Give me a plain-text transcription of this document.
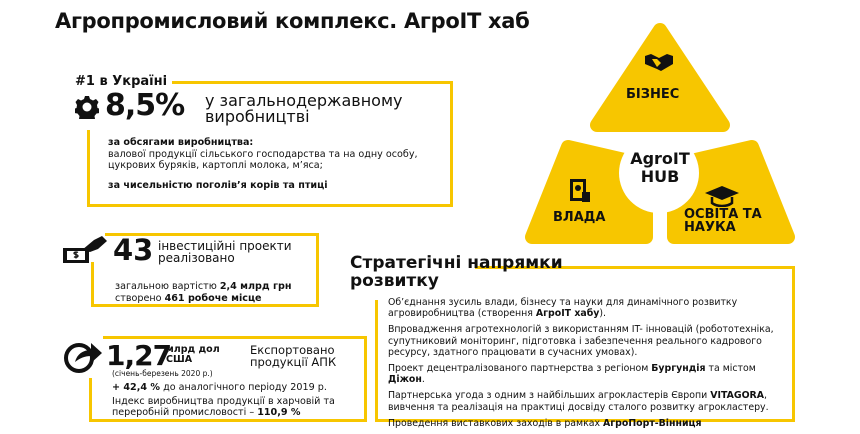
Агропромисловий комплекс. АгроIT хаб
#1 в Україні
8,5% у загальнодержавному виробництві
за обсягами виробництва:
валової продукції сільського господарства та на одну особу, цукрових буряків, картоплі молока, м’яса;
за чисельністю поголів’я корів та птиці
43 інвестиційні проекти реалізовано
загальною вартістю 2,4 млрд грн
створено 461 робоче місце
1,27
млрд дол США
(січень-березень 2020 р.)
Експортовано продукції АПК
+ 42,4 % до аналогічного періоду 2019 р.
Індекс виробництва продукції в харчовій та переробній промисловості – 110,9 %
БІЗНЕС
AgroIT HUB
ВЛАДА	ОСВІТА ТА НАУКА
Стратегічні напрямки розвитку

Об’єднання зусиль влади, бізнесу та науки для динамічного розвитку агровиробництва (створення АгроIT хабу).

Впровадження агротехнологій з використанням IT- інновацій (робототехніка, супутниковий моніторинг, підготовка і забезпечення реального кадрового ресурсу, здатного працювати в сучасних умовах).

Проект децентралізованого партнерства з регіоном Бургундія та містом Діжон.

Партнерська угода з одним з найбільших агрокластерів Європи VITAGORA, вивчення та реалізація на практиці досвіду сталого розвитку агрокластеру.

Проведення виставкових заходів в рамках АгроПорт-Вінниця
